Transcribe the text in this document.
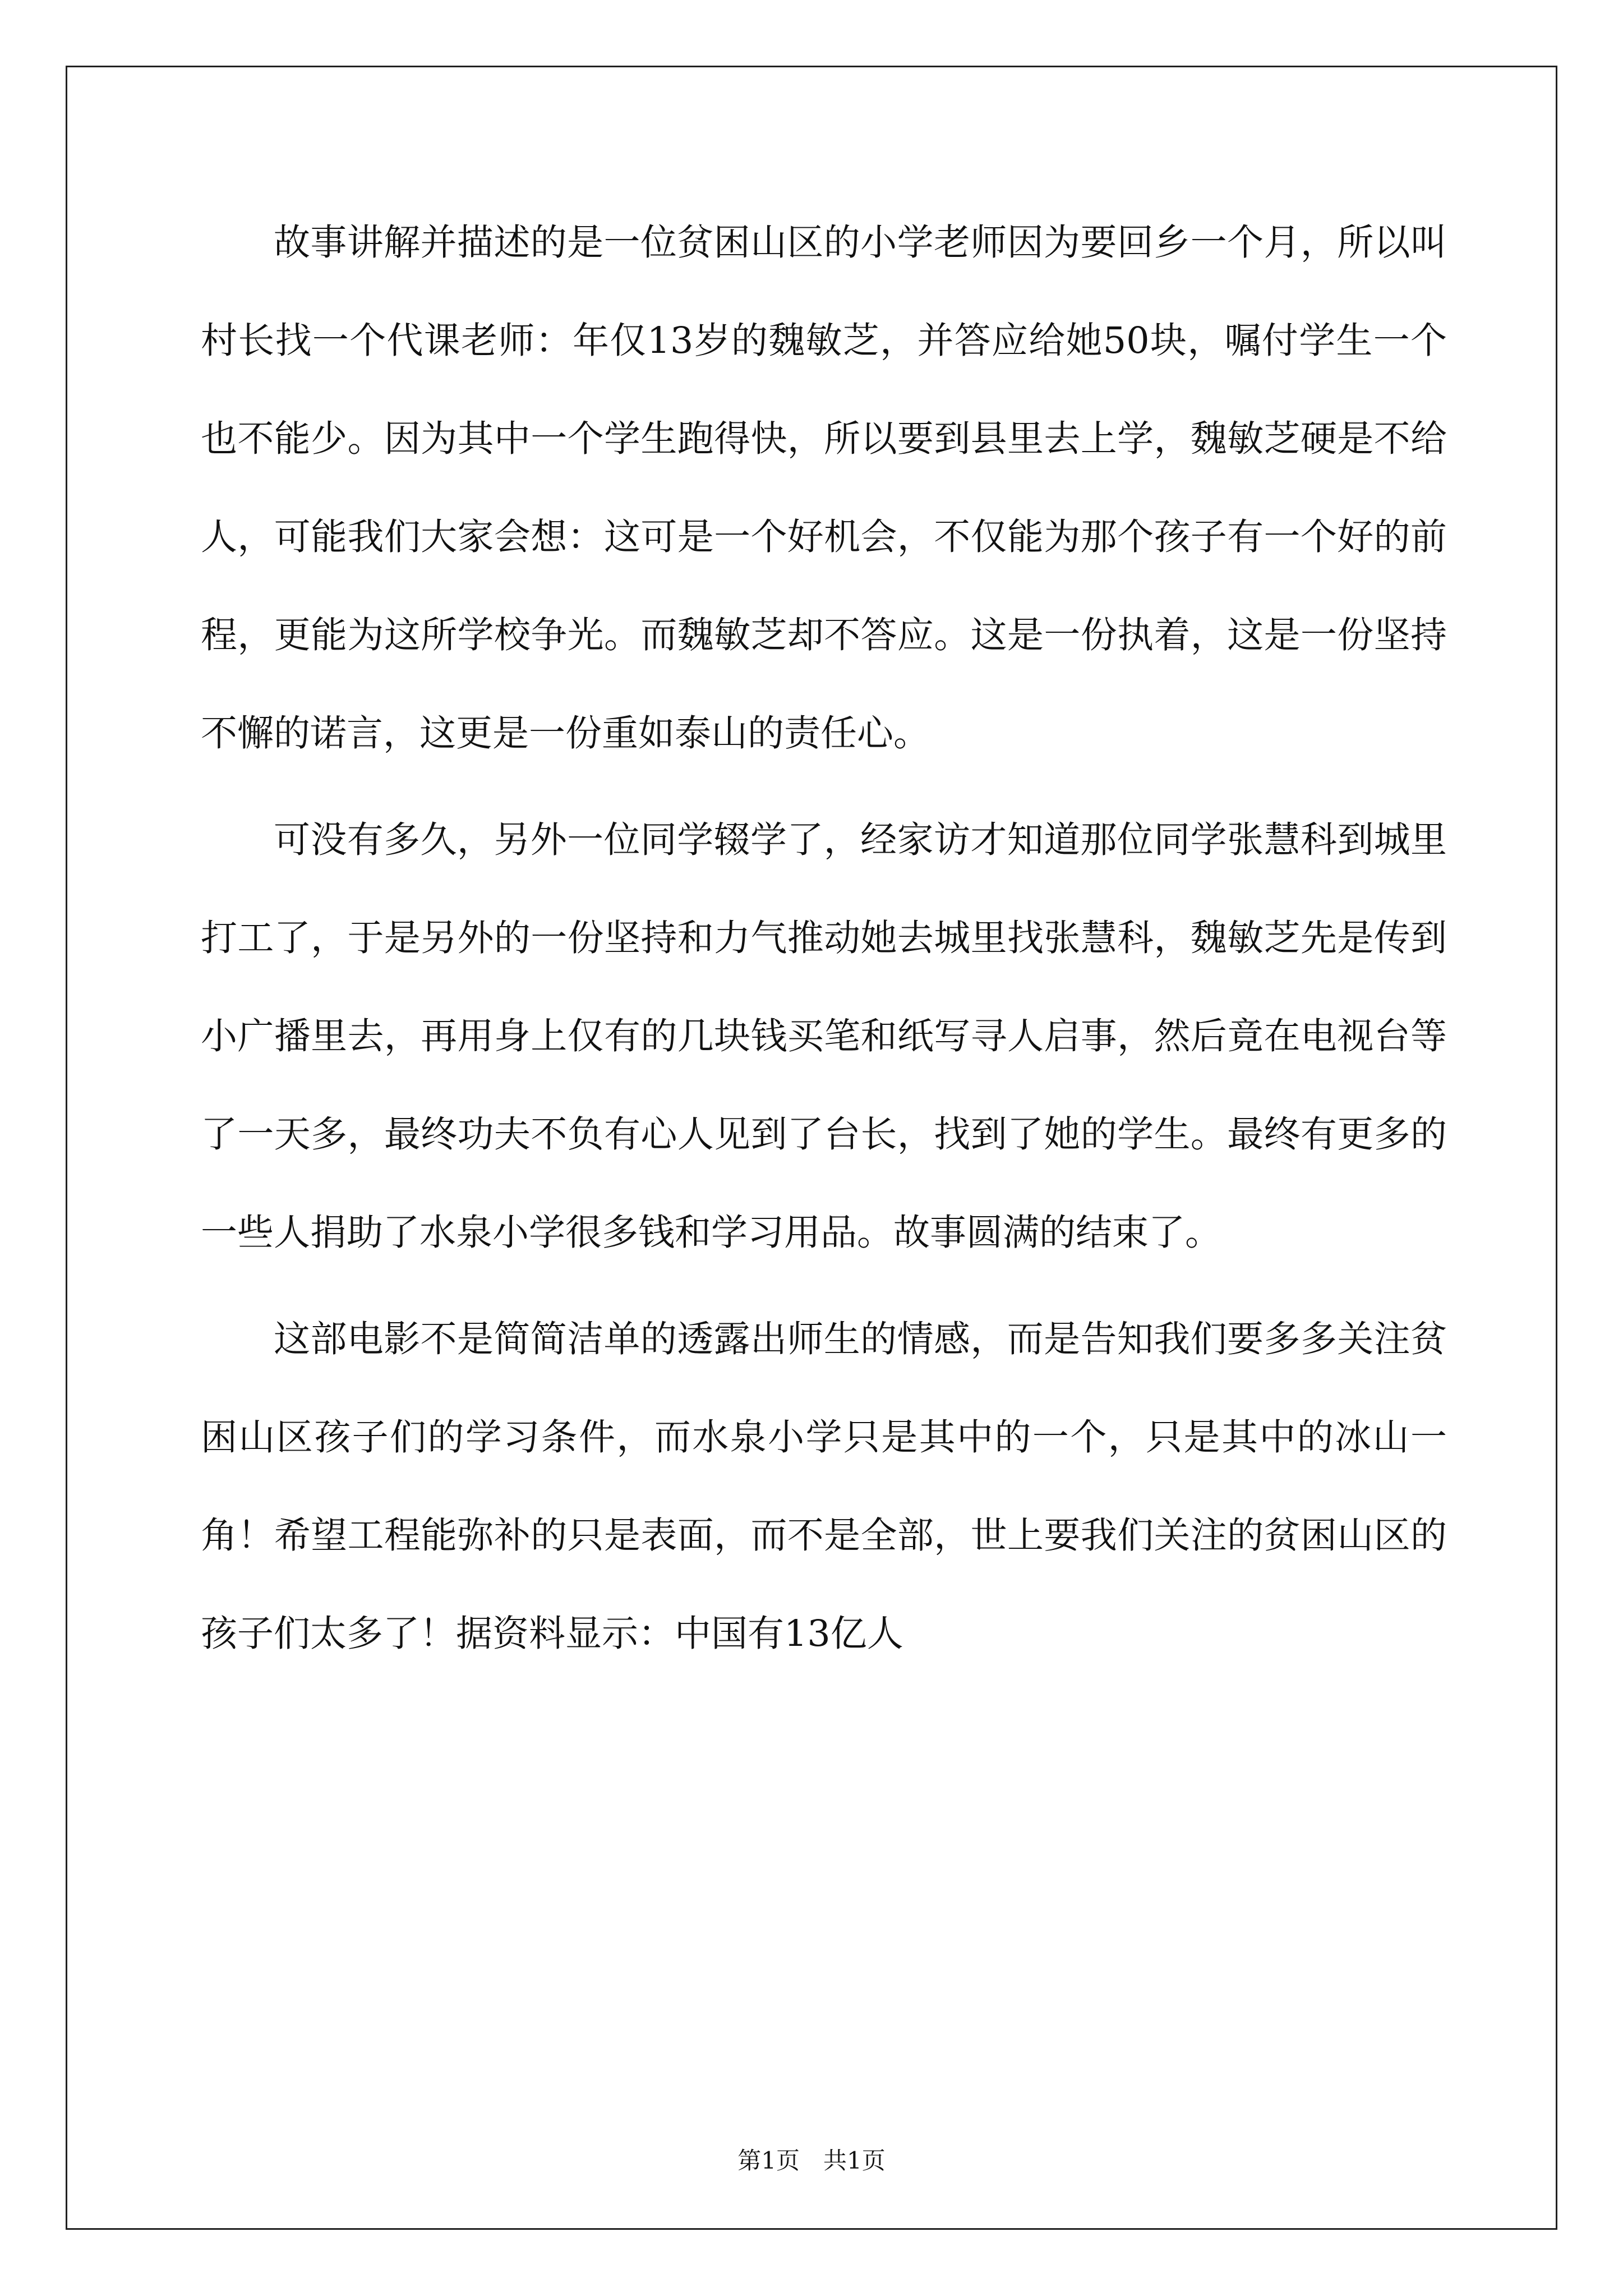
故事讲解并描述的是一位贫困山区的小学老师因为要回乡一个月，所以叫村长找一个代课老师：年仅13岁的魏敏芝，并答应给她50块，嘱付学生一个也不能少。因为其中一个学生跑得快，所以要到县里去上学，魏敏芝硬是不给人，可能我们大家会想：这可是一个好机会，不仅能为那个孩子有一个好的前程，更能为这所学校争光。而魏敏芝却不答应。这是一份执着，这是一份坚持不懈的诺言，这更是一份重如泰山的责任心。

可没有多久，另外一位同学辍学了，经家访才知道那位同学张慧科到城里打工了，于是另外的一份坚持和力气推动她去城里找张慧科，魏敏芝先是传到小广播里去，再用身上仅有的几块钱买笔和纸写寻人启事，然后竟在电视台等了一天多，最终功夫不负有心人见到了台长，找到了她的学生。最终有更多的一些人捐助了水泉小学很多钱和学习用品。故事圆满的结束了。

这部电影不是简简洁单的透露出师生的情感，而是告知我们要多多关注贫困山区孩子们的学习条件，而水泉小学只是其中的一个，只是其中的冰山一角！希望工程能弥补的只是表面，而不是全部，世上要我们关注的贫困山区的孩子们太多了！据资料显示：中国有13亿人

第1页　共1页
